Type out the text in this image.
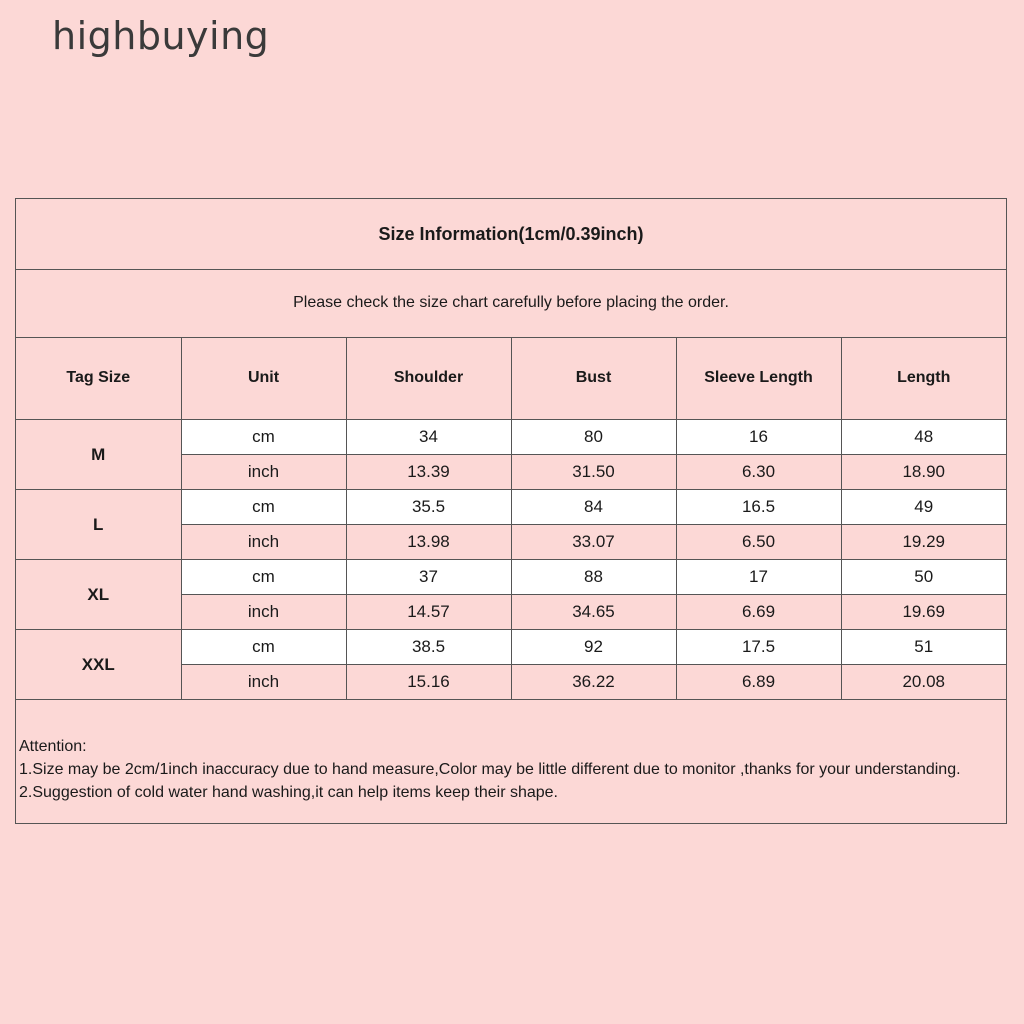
highbuying
Size Information(1cm/0.39inch)
Please check the size chart carefully before placing the order.
Tag Size	Unit	Shoulder	Bust	Sleeve Length	Length
M	cm	34	80	16	48
	inch	13.39	31.50	6.30	18.90
L	cm	35.5	84	16.5	49
	inch	13.98	33.07	6.50	19.29
XL	cm	37	88	17	50
	inch	14.57	34.65	6.69	19.69
XXL	cm	38.5	92	17.5	51
	inch	15.16	36.22	6.89	20.08
Attention:
1.Size may be 2cm/1inch inaccuracy due to hand measure,Color may be little different due to monitor ,thanks for your understanding.
2.Suggestion of cold water hand washing,it can help items keep their shape.
